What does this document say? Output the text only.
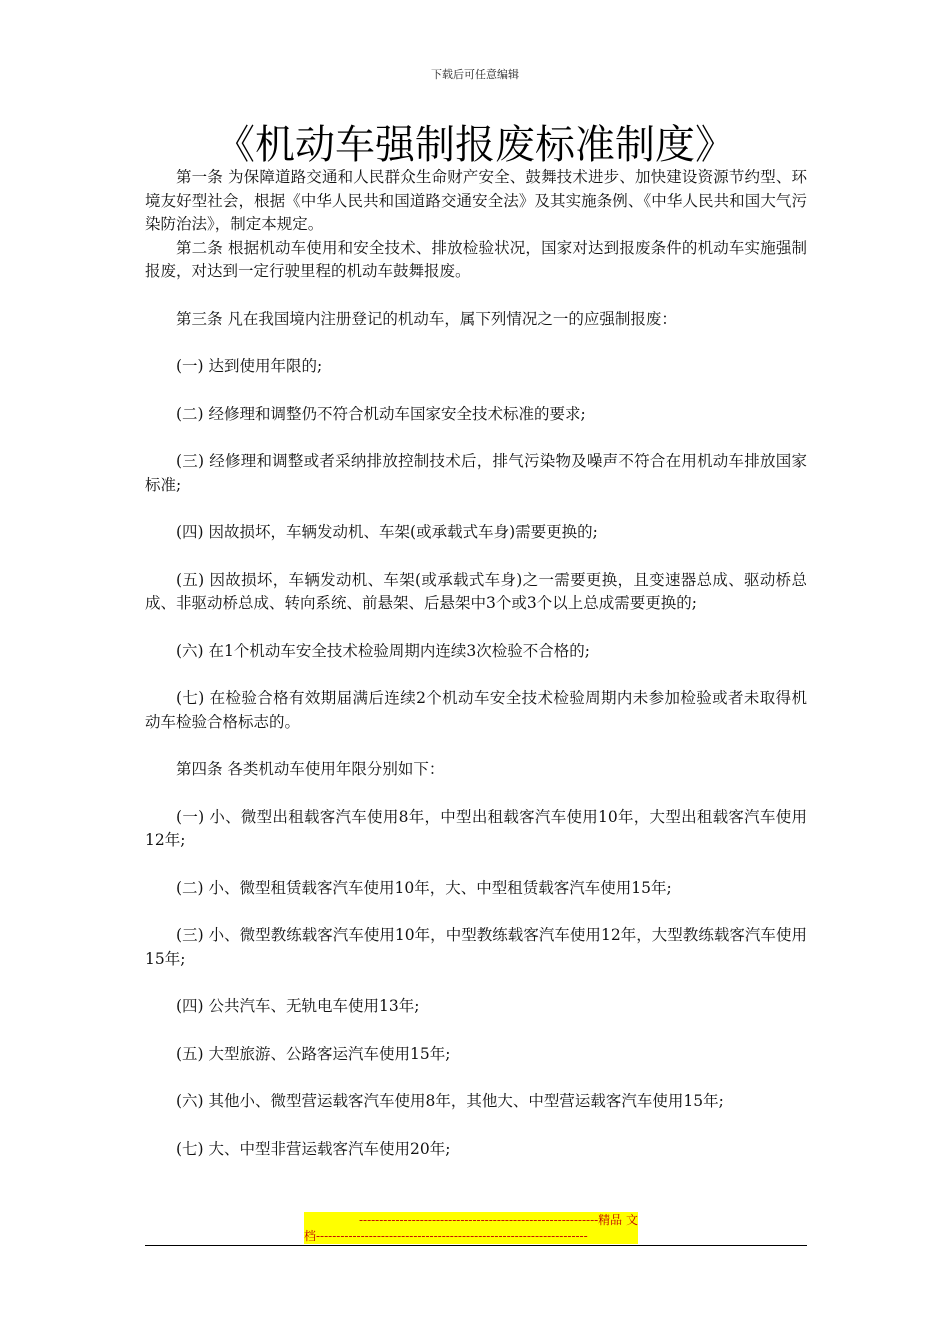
下载后可任意编辑
《机动车强制报废标准制度》

第一条 为保障道路交通和人民群众生命财产安全、鼓舞技术进步、加快建设资源节约型、环境友好型社会，根据《中华人民共和国道路交通安全法》及其实施条例、《中华人民共和国大气污染防治法》，制定本规定。

第二条 根据机动车使用和安全技术、排放检验状况，国家对达到报废条件的机动车实施强制报废，对达到一定行驶里程的机动车鼓舞报废。

第三条 凡在我国境内注册登记的机动车，属下列情况之一的应强制报废：

(一) 达到使用年限的;

(二) 经修理和调整仍不符合机动车国家安全技术标准的要求;

(三) 经修理和调整或者采纳排放控制技术后，排气污染物及噪声不符合在用机动车排放国家标准;

(四) 因故损坏，车辆发动机、车架(或承载式车身)需要更换的;

(五) 因故损坏，车辆发动机、车架(或承载式车身)之一需要更换，且变速器总成、驱动桥总成、非驱动桥总成、转向系统、前悬架、后悬架中3个或3个以上总成需要更换的;

(六) 在1个机动车安全技术检验周期内连续3次检验不合格的;

(七) 在检验合格有效期届满后连续2个机动车安全技术检验周期内未参加检验或者未取得机动车检验合格标志的。

第四条 各类机动车使用年限分别如下：

(一) 小、微型出租载客汽车使用8年，中型出租载客汽车使用10年，大型出租载客汽车使用12年;

(二) 小、微型租赁载客汽车使用10年，大、中型租赁载客汽车使用15年;

(三) 小、微型教练载客汽车使用10年，中型教练载客汽车使用12年，大型教练载客汽车使用15年;

(四) 公共汽车、无轨电车使用13年;

(五) 大型旅游、公路客运汽车使用15年;

(六) 其他小、微型营运载客汽车使用8年，其他大、中型营运载客汽车使用15年;

(七) 大、中型非营运载客汽车使用20年;

-----------------------------------------------------------精品 文
档-------------------------------------------------------------------
